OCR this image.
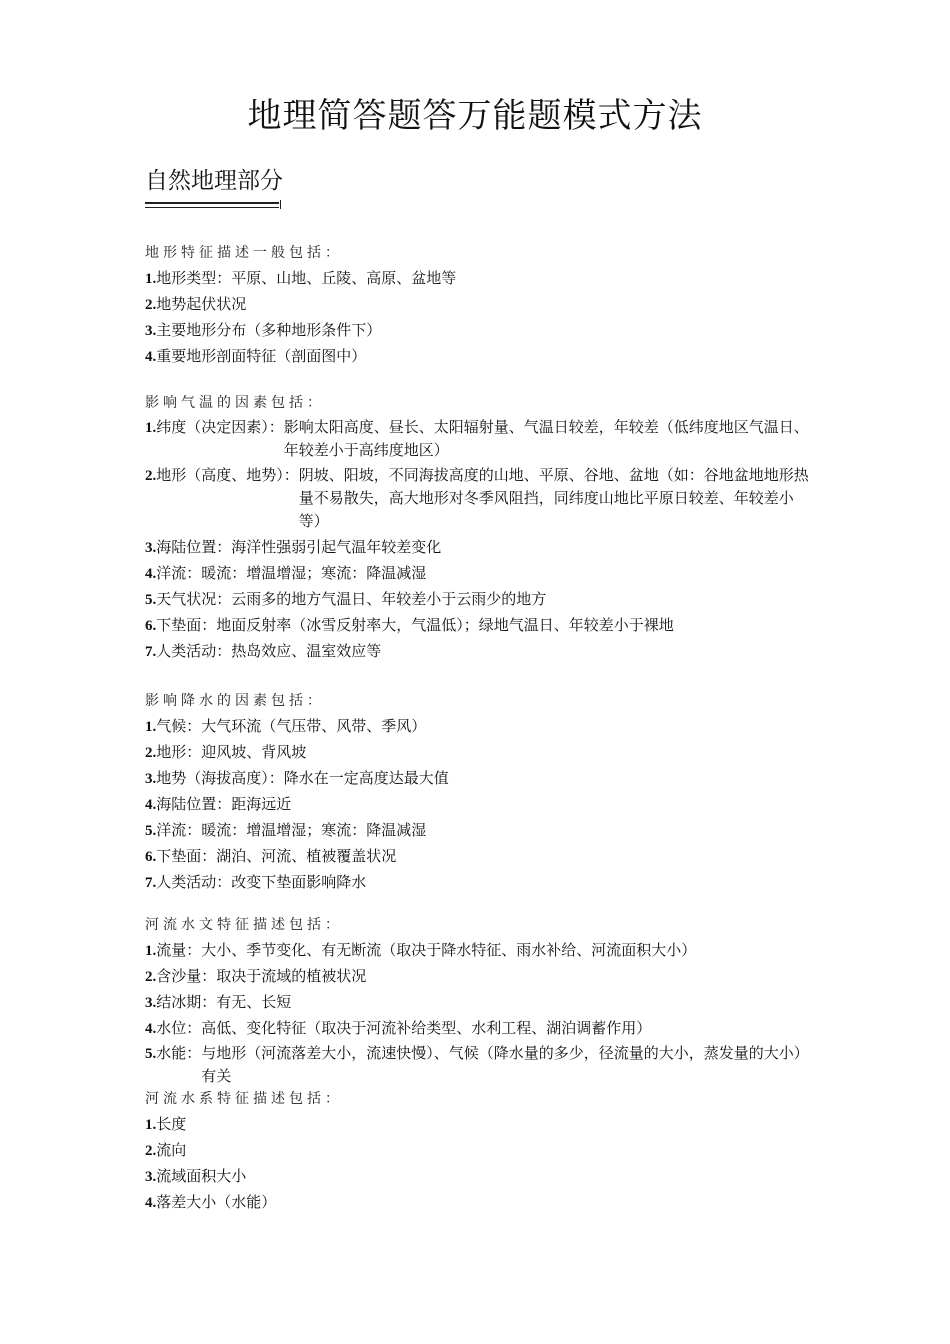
地理简答题答万能题模式方法
自然地理部分
地形特征描述一般包括：
1.地形类型：平原、山地、丘陵、高原、盆地等
2.地势起伏状况
3.主要地形分布（多种地形条件下）
4.重要地形剖面特征（剖面图中）
影响气温的因素包括：
1.纬度（决定因素）： 影响太阳高度、昼长、太阳辐射量、气温日较差，年较差（低纬度地区气温日、年较差小于高纬度地区）
2.地形（高度、地势）： 阴坡、阳坡，不同海拔高度的山地、平原、谷地、盆地（如：谷地盆地地形热量不易散失，高大地形对冬季风阻挡，同纬度山地比平原日较差、年较差小等）
3.海陆位置：海洋性强弱引起气温年较差变化
4.洋流：暖流：增温增湿；寒流：降温减湿
5.天气状况：云雨多的地方气温日、年较差小于云雨少的地方
6.下垫面：地面反射率（冰雪反射率大，气温低）；绿地气温日、年较差小于裸地
7.人类活动：热岛效应、温室效应等
影响降水的因素包括：
1.气候：大气环流（气压带、风带、季风）
2.地形：迎风坡、背风坡
3.地势（海拔高度）：降水在一定高度达最大值
4.海陆位置：距海远近
5.洋流：暖流：增温增湿；寒流：降温减湿
6.下垫面：湖泊、河流、植被覆盖状况
7.人类活动：改变下垫面影响降水
河流水文特征描述包括：
1.流量：大小、季节变化、有无断流（取决于降水特征、雨水补给、河流面积大小）
2.含沙量：取决于流域的植被状况
3.结冰期：有无、长短
4.水位：高低、变化特征（取决于河流补给类型、水利工程、湖泊调蓄作用）
5.水能： 与地形（河流落差大小，流速快慢）、气候（降水量的多少，径流量的大小，蒸发量的大小）有关
河流水系特征描述包括：
1.长度
2.流向
3.流域面积大小
4.落差大小（水能）
